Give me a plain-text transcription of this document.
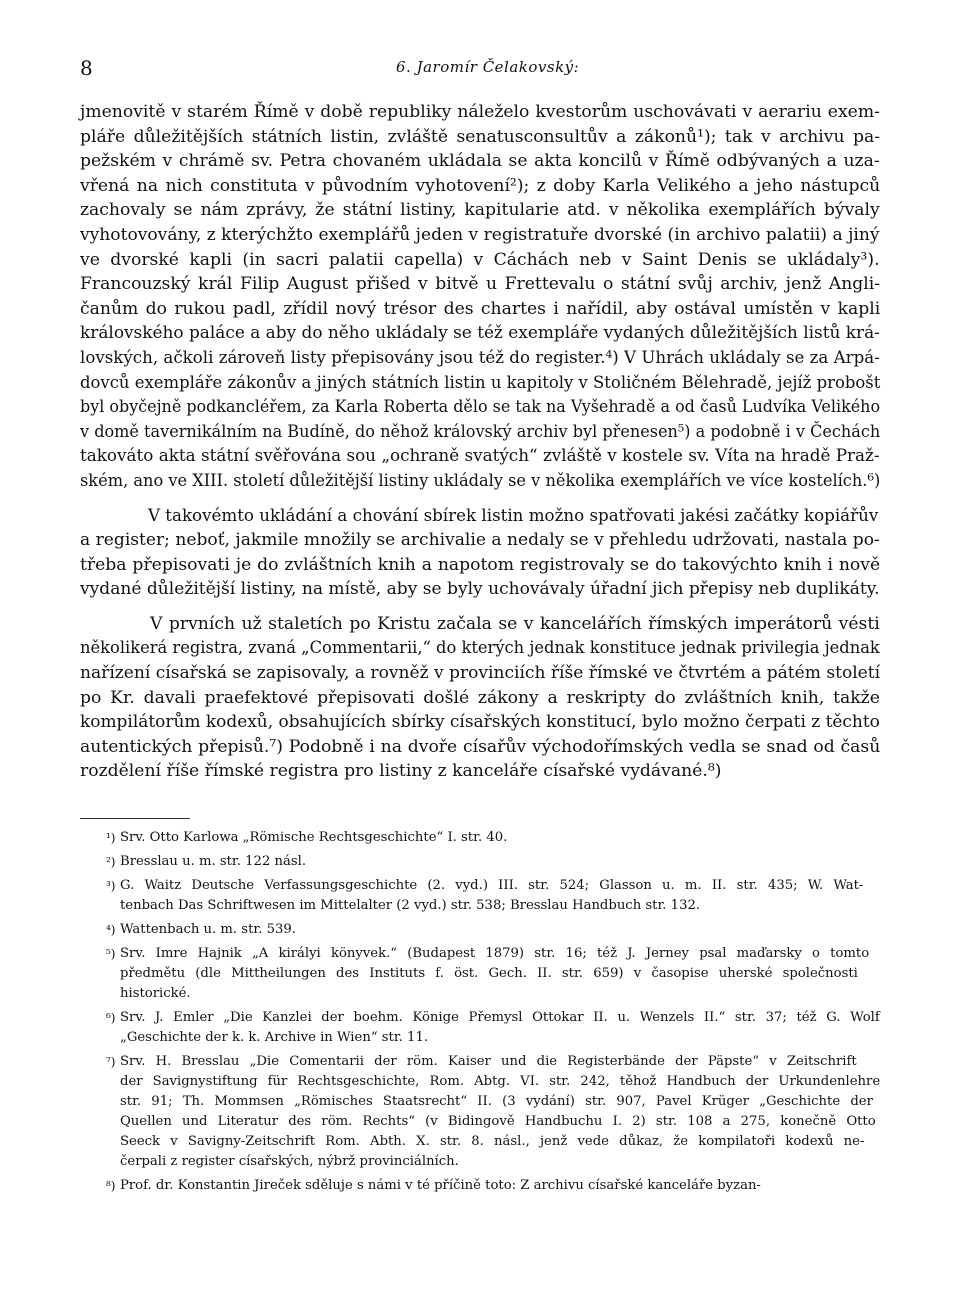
8	6. Jaromír Čelakovský:
jmenovitě v starém Římě v době republiky náleželo kvestorům uschovávati v aerariu exem-
pláře důležitějších státních listin, zvláště senatusconsultův a zákonů¹); tak v archivu pa-
pežském v chrámě sv. Petra chovaném ukládala se akta koncilů v Římě odbývaných a uza-
vřená na nich constituta v původním vyhotovení²); z doby Karla Velikého a jeho nástupců
zachovaly se nám zprávy, že státní listiny, kapitularie atd. v několika exemplářích bývaly
vyhotovovány, z kterýchžto exemplářů jeden v registratuře dvorské (in archivo palatii) a jiný
ve dvorské kapli (in sacri palatii capella) v Cáchách neb v Saint Denis se ukládaly³).
Francouzský král Filip August přišed v bitvě u Frettevalu o státní svůj archiv, jenž Angli-
čanům do rukou padl, zřídil nový trésor des chartes i nařídil, aby ostával umístěn v kapli
královského paláce a aby do něho ukládaly se též exempláře vydaných důležitějších listů krá-
lovských, ačkoli zároveň listy přepisovány jsou též do register.⁴) V Uhrách ukládaly se za Arpá-
dovců exempláře zákonův a jiných státních listin u kapitoly v Stoličném Bělehradě, jejíž probošt
byl obyčejně podkancléřem, za Karla Roberta dělo se tak na Vyšehradě a od časů Ludvíka Velikého
v domě tavernikálním na Budíně, do něhož královský archiv byl přenesen⁵) a podobně i v Čechách
takováto akta státní svěřována sou „ochraně svatých“ zvláště v kostele sv. Víta na hradě Praž-
ském, ano ve XIII. století důležitější listiny ukládaly se v několika exemplářích ve více kostelích.⁶)
V takovémto ukládání a chování sbírek listin možno spatřovati jakési začátky kopiářův
a register; neboť, jakmile množily se archivalie a nedaly se v přehledu udržovati, nastala po-
třeba přepisovati je do zvláštních knih a napotom registrovaly se do takovýchto knih i nově
vydané důležitější listiny, na místě, aby se byly uchovávaly úřadní jich přepisy neb duplikáty.
V prvních už staletích po Kristu začala se v kancelářích římských imperátorů vésti
několikerá registra, zvaná „Commentarii,“ do kterých jednak konstituce jednak privilegia jednak
nařízení císařská se zapisovaly, a rovněž v provinciích říše římské ve čtvrtém a pátém století
po Kr. davali praefektové přepisovati došlé zákony a reskripty do zvláštních knih, takže
kompilátorům kodexů, obsahujících sbírky císařských konstitucí, bylo možno čerpati z těchto
autentických přepisů.⁷) Podobně i na dvoře císařův východořímských vedla se snad od časů
rozdělení říše římské registra pro listiny z kanceláře císařské vydávané.⁸)
¹) Srv. Otto Karlowa „Römische Rechtsgeschichte“ I. str. 40.
²) Bresslau u. m. str. 122 násl.
³) G. Waitz Deutsche Verfassungsgeschichte (2. vyd.) III. str. 524; Glasson u. m. II. str. 435; W. Wat-
tenbach Das Schriftwesen im Mittelalter (2 vyd.) str. 538; Bresslau Handbuch str. 132.
⁴) Wattenbach u. m. str. 539.
⁵) Srv. Imre Hajnik „A királyi könyvek.“ (Budapest 1879) str. 16; též J. Jerney psal maďarsky o tomto
předmětu (dle Mittheilungen des Instituts f. öst. Gech. II. str. 659) v časopise uherské společnosti
historické.
⁶) Srv. J. Emler „Die Kanzlei der boehm. Könige Přemysl Ottokar II. u. Wenzels II.“ str. 37; též G. Wolf
„Geschichte der k. k. Archive in Wien“ str. 11.
⁷) Srv. H. Bresslau „Die Comentarii der röm. Kaiser und die Registerbände der Päpste“ v Zeitschrift
der Savignystiftung für Rechtsgeschichte, Rom. Abtg. VI. str. 242, těhož Handbuch der Urkundenlehre
str. 91; Th. Mommsen „Römisches Staatsrecht“ II. (3 vydání) str. 907, Pavel Krüger „Geschichte der
Quellen und Literatur des röm. Rechts“ (v Bidingově Handbuchu I. 2) str. 108 a 275, konečně Otto
Seeck v Savigny-Zeitschrift Rom. Abth. X. str. 8. násl., jenž vede důkaz, že kompilatoři kodexů ne-
čerpali z register císařských, nýbrž provinciálních.
⁸) Prof. dr. Konstantin Jireček sděluje s námi v té příčině toto: Z archivu císařské kanceláře byzan-
